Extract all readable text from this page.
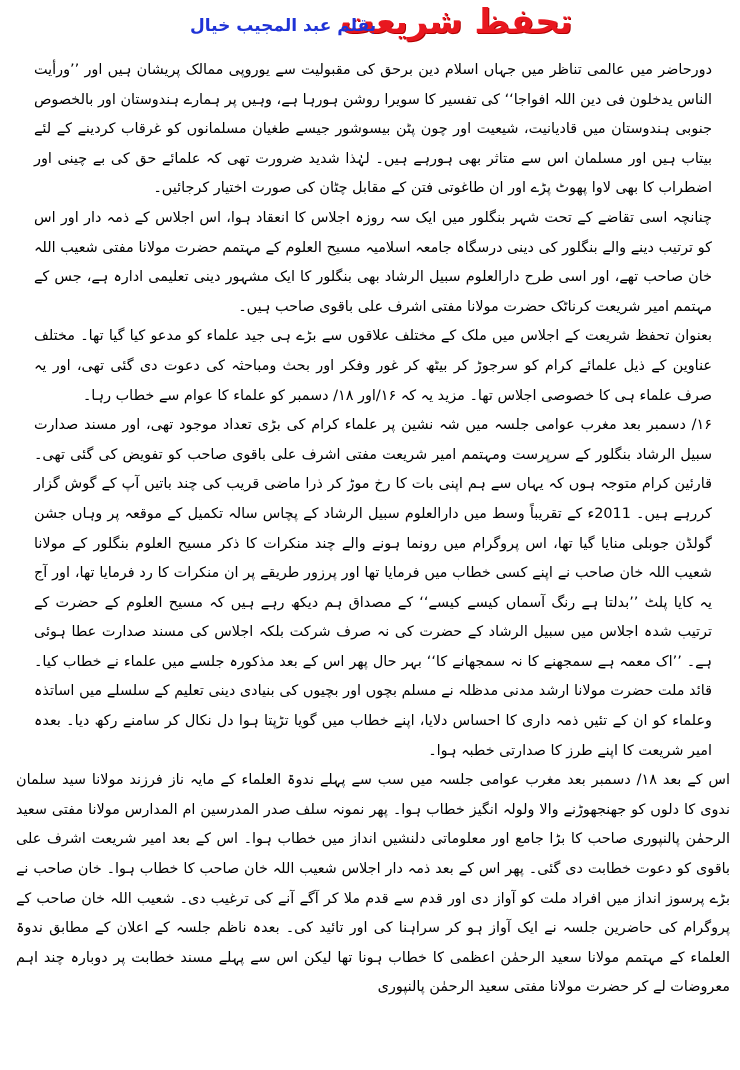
تحفظ شریعت
بقلم عبد المجیب خیال

دورحاضر میں عالمی تناظر میں جہاں اسلام دین برحق کی مقبولیت سے یوروپی ممالک پریشان ہیں اور ’’ورأیت الناس یدخلون فی دین اللہ افواجا‘‘ کی تفسیر کا سویرا روشن ہورہا ہے، وہیں پر ہمارے ہندوستان اور بالخصوص جنوبی ہندوستان میں قادیانیت، شیعیت اور چون پٹن بیسوشور جیسے طغیان مسلمانوں کو غرقاب کردینے کے لئے بیتاب ہیں اور مسلمان اس سے متاثر بھی ہورہے ہیں۔ لہٰذا شدید ضرورت تھی کہ علمائے حق کی بے چینی اور اضطراب کا بھی لاوا پھوٹ پڑے اور ان طاغوتی فتن کے مقابل چٹان کی صورت اختیار کرجائیں۔

چنانچہ اسی تقاضے کے تحت شہر بنگلور میں ایک سہ روزہ اجلاس کا انعقاد ہوا، اس اجلاس کے ذمہ دار اور اس کو ترتیب دینے والے بنگلور کی دینی درسگاہ جامعہ اسلامیہ مسیح العلوم کے مہتمم حضرت مولانا مفتی شعیب اللہ خان صاحب تھے، اور اسی طرح دارالعلوم سبیل الرشاد بھی بنگلور کا ایک مشہور دینی تعلیمی ادارہ ہے، جس کے مہتمم امیر شریعت کرناٹک حضرت مولانا مفتی اشرف علی باقوی صاحب ہیں۔

بعنوان تحفظ شریعت کے اجلاس میں ملک کے مختلف علاقوں سے بڑے ہی جید علماء کو مدعو کیا گیا تھا۔ مختلف عناوین کے ذیل علمائے کرام کو سرجوڑ کر بیٹھ کر غور وفکر اور بحث ومباحثہ کی دعوت دی گئی تھی، اور یہ صرف علماء ہی کا خصوصی اجلاس تھا۔ مزید یہ کہ ۱۶/اور ۱۸/ دسمبر کو علماء کا عوام سے خطاب رہا۔

۱۶/ دسمبر بعد مغرب عوامی جلسہ میں شہ نشین پر علماء کرام کی بڑی تعداد موجود تھی، اور مسند صدارت سبیل الرشاد بنگلور کے سرپرست ومہتمم امیر شریعت مفتی اشرف علی باقوی صاحب کو تفویض کی گئی تھی۔ قارئین کرام متوجہ ہوں کہ یہاں سے ہم اپنی بات کا رخ موڑ کر ذرا ماضی قریب کی چند باتیں آپ کے گوش گزار کررہے ہیں۔ 2011ء کے تقریباً وسط میں دارالعلوم سبیل الرشاد کے پچاس سالہ تکمیل کے موقعہ پر وہاں جشن گولڈن جوبلی منایا گیا تھا، اس پروگرام میں رونما ہونے والے چند منکرات کا ذکر مسیح العلوم بنگلور کے مولانا شعیب اللہ خان صاحب نے اپنے کسی خطاب میں فرمایا تھا اور پرزور طریقے پر ان منکرات کا رد فرمایا تھا، اور آج یہ کایا پلٹ ’’بدلتا ہے رنگ آسماں کیسے کیسے‘‘ کے مصداق ہم دیکھ رہے ہیں کہ مسیح العلوم کے حضرت کے ترتیب شدہ اجلاس میں سبیل الرشاد کے حضرت کی نہ صرف شرکت بلکہ اجلاس کی مسند صدارت عطا ہوئی ہے۔ ’’اک معمہ ہے سمجھنے کا نہ سمجھانے کا‘‘ بہر حال پھر اس کے بعد مذکورہ جلسے میں علماء نے خطاب کیا۔ قائد ملت حضرت مولانا ارشد مدنی مدظلہ نے مسلم بچوں اور بچیوں کی بنیادی دینی تعلیم کے سلسلے میں اساتذہ وعلماء کو ان کے تئیں ذمہ داری کا احساس دلایا، اپنے خطاب میں گویا تڑپتا ہوا دل نکال کر سامنے رکھ دیا۔ بعدہ امیر شریعت کا اپنے طرز کا صدارتی خطبہ ہوا۔

اس کے بعد ۱۸/ دسمبر بعد مغرب عوامی جلسہ میں سب سے پہلے ندوۃ العلماء کے مایہ ناز فرزند مولانا سید سلمان ندوی کا دلوں کو جھنجھوڑنے والا ولولہ انگیز خطاب ہوا۔ پھر نمونہ سلف صدر المدرسین ام المدارس مولانا مفتی سعید الرحمٰن پالنپوری صاحب کا بڑا جامع اور معلوماتی دلنشیں انداز میں خطاب ہوا۔ اس کے بعد امیر شریعت اشرف علی باقوی کو دعوت خطابت دی گئی۔ پھر اس کے بعد ذمہ دار اجلاس شعیب اللہ خان صاحب کا خطاب ہوا۔ خان صاحب نے بڑے پرسوز انداز میں افراد ملت کو آواز دی اور قدم سے قدم ملا کر آگے آنے کی ترغیب دی۔ شعیب اللہ خان صاحب کے پروگرام کی حاضرین جلسہ نے ایک آواز ہو کر سراہنا کی اور تائید کی۔ بعدہ ناظم جلسہ کے اعلان کے مطابق ندوۃ العلماء کے مہتمم مولانا سعید الرحمٰن اعظمی کا خطاب ہونا تھا لیکن اس سے پہلے مسند خطابت پر دوبارہ چند اہم معروضات لے کر حضرت مولانا مفتی سعید الرحمٰن پالنپوری
